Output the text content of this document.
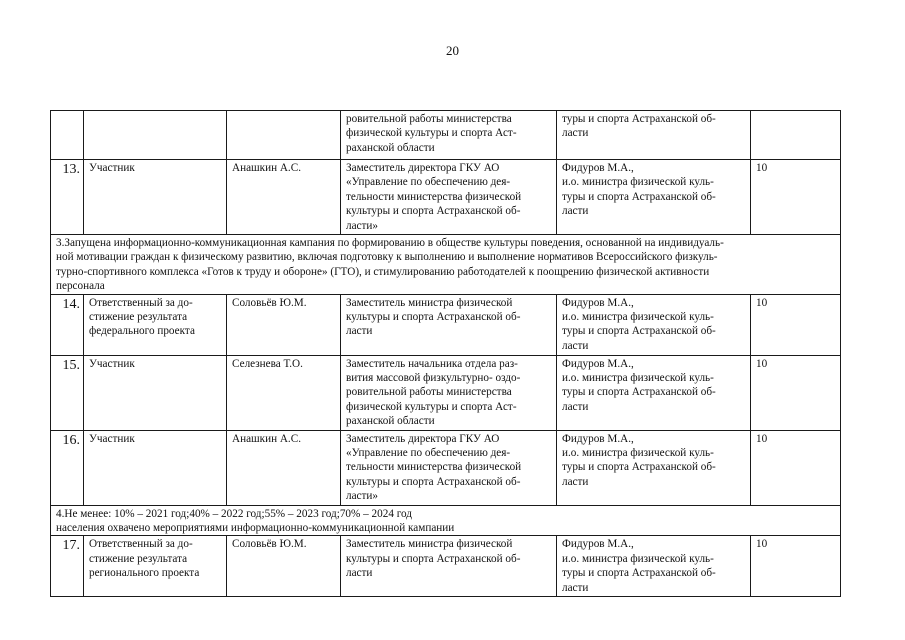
20
			ровительной работы министерства
физической культуры и спорта Аст-
раханской области	туры и спорта Астраханской об-
ласти	
13.	Участник	Анашкин А.С.	Заместитель директора ГКУ АО
«Управление по обеспечению дея-
тельности министерства физической
культуры и спорта Астраханской об-
ласти»	Фидуров М.А.,
и.о. министра физической куль-
туры и спорта Астраханской об-
ласти	10
3.Запущена информационно-коммуникационная кампания по формированию в обществе культуры поведения, основанной на индивидуаль-
ной мотивации граждан к физическому развитию, включая подготовку к выполнению и выполнение нормативов Всероссийского физкуль-
турно-спортивного комплекса «Готов к труду и обороне» (ГТО), и стимулированию работодателей к поощрению физической активности
персонала					
14.	Ответственный за до-
стижение результата
федерального проекта	Соловьёв Ю.М.	Заместитель министра физической
культуры и спорта Астраханской об-
ласти	Фидуров М.А.,
и.о. министра физической куль-
туры и спорта Астраханской об-
ласти	10
15.	Участник	Селезнева Т.О.	Заместитель начальника отдела раз-
вития массовой физкультурно- оздо-
ровительной работы министерства
физической культуры и спорта Аст-
раханской области	Фидуров М.А.,
и.о. министра физической куль-
туры и спорта Астраханской об-
ласти	10
16.	Участник	Анашкин А.С.	Заместитель директора ГКУ АО
«Управление по обеспечению дея-
тельности министерства физической
культуры и спорта Астраханской об-
ласти»	Фидуров М.А.,
и.о. министра физической куль-
туры и спорта Астраханской об-
ласти	10
4.Не менее: 10% – 2021 год;40% – 2022 год;55% – 2023 год;70% – 2024 год
населения охвачено мероприятиями информационно-коммуникационной кампании					
17.	Ответственный за до-
стижение результата
регионального проекта	Соловьёв Ю.М.	Заместитель министра физической
культуры и спорта Астраханской об-
ласти	Фидуров М.А.,
и.о. министра физической куль-
туры и спорта Астраханской об-
ласти	10
